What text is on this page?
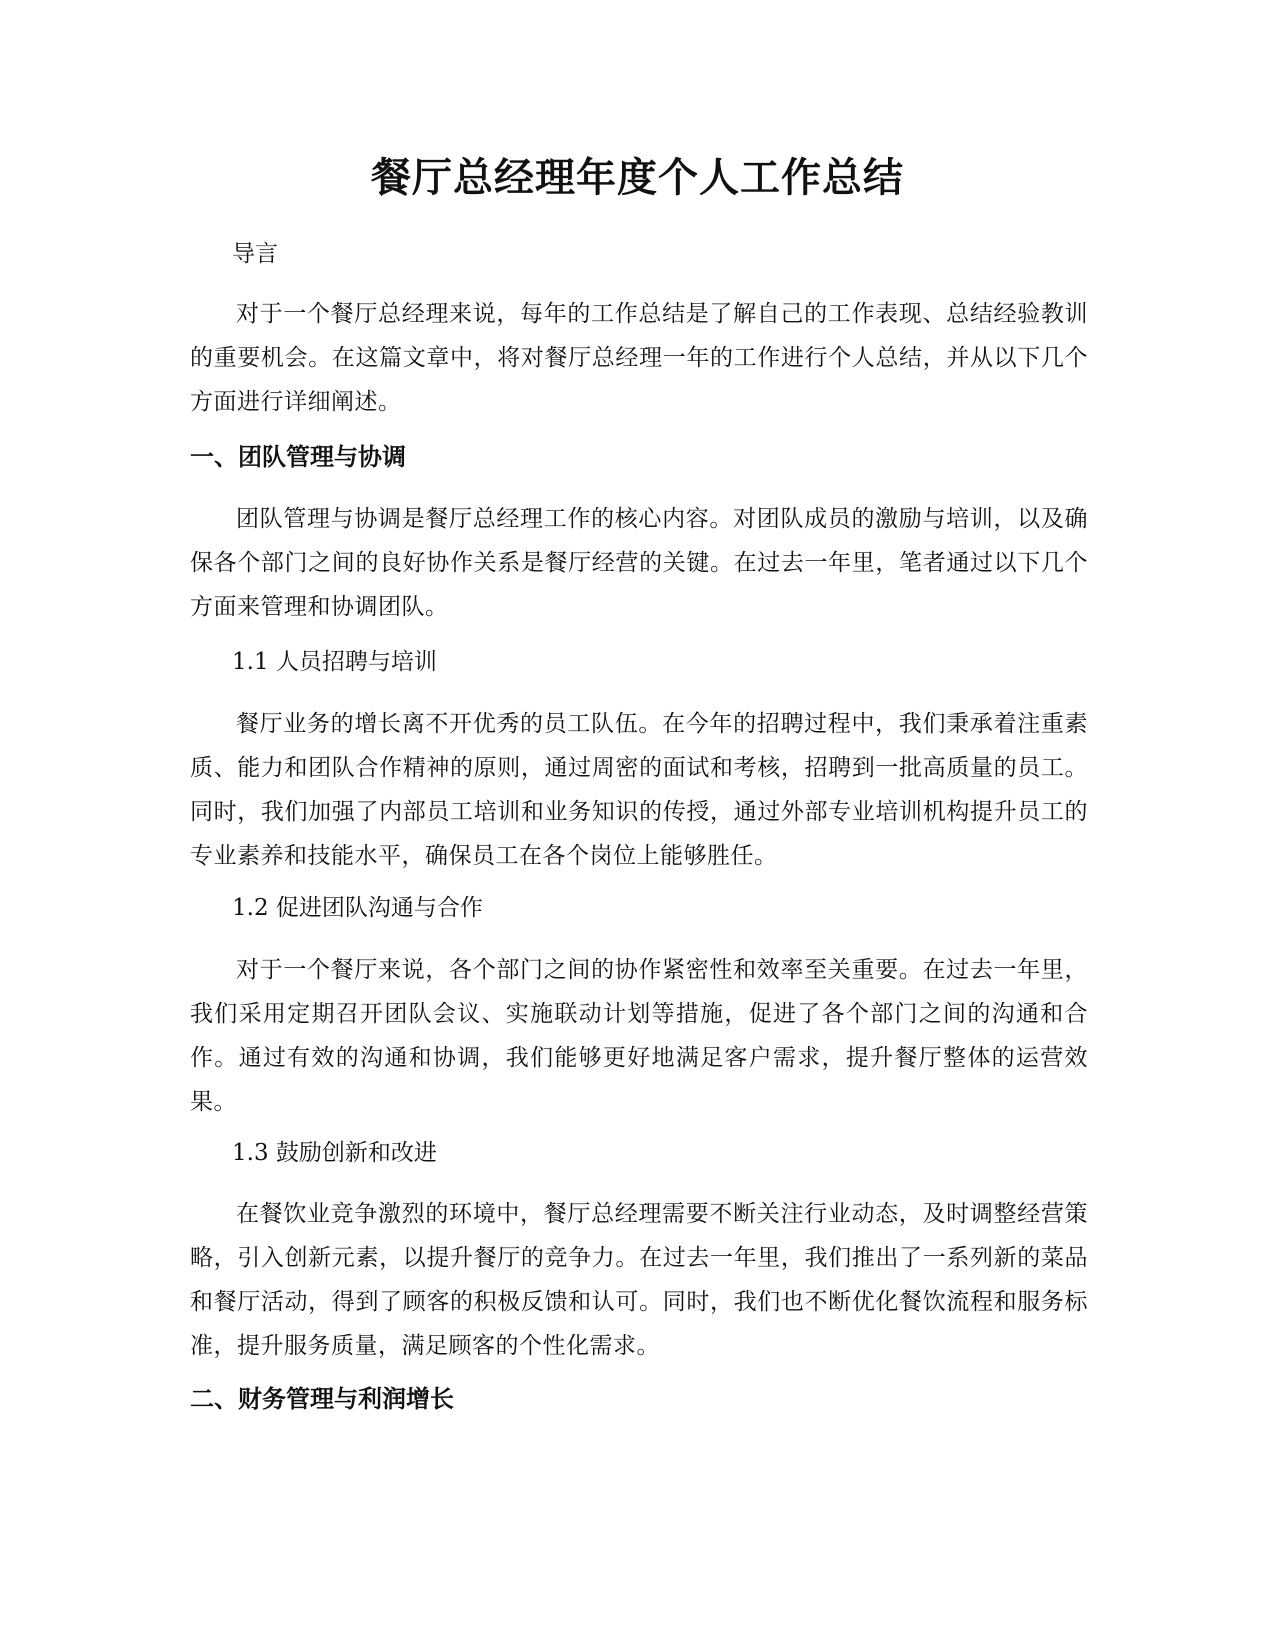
餐厅总经理年度个人工作总结

导言

对于一个餐厅总经理来说，每年的工作总结是了解自己的工作表现、总结经验教训的重要机会。在这篇文章中，将对餐厅总经理一年的工作进行个人总结，并从以下几个方面进行详细阐述。

一、团队管理与协调

团队管理与协调是餐厅总经理工作的核心内容。对团队成员的激励与培训，以及确保各个部门之间的良好协作关系是餐厅经营的关键。在过去一年里，笔者通过以下几个方面来管理和协调团队。

1.1 人员招聘与培训

餐厅业务的增长离不开优秀的员工队伍。在今年的招聘过程中，我们秉承着注重素质、能力和团队合作精神的原则，通过周密的面试和考核，招聘到一批高质量的员工。同时，我们加强了内部员工培训和业务知识的传授，通过外部专业培训机构提升员工的专业素养和技能水平，确保员工在各个岗位上能够胜任。

1.2 促进团队沟通与合作

对于一个餐厅来说，各个部门之间的协作紧密性和效率至关重要。在过去一年里，我们采用定期召开团队会议、实施联动计划等措施，促进了各个部门之间的沟通和合作。通过有效的沟通和协调，我们能够更好地满足客户需求，提升餐厅整体的运营效果。

1.3 鼓励创新和改进

在餐饮业竞争激烈的环境中，餐厅总经理需要不断关注行业动态，及时调整经营策略，引入创新元素，以提升餐厅的竞争力。在过去一年里，我们推出了一系列新的菜品和餐厅活动，得到了顾客的积极反馈和认可。同时，我们也不断优化餐饮流程和服务标准，提升服务质量，满足顾客的个性化需求。

二、财务管理与利润增长
